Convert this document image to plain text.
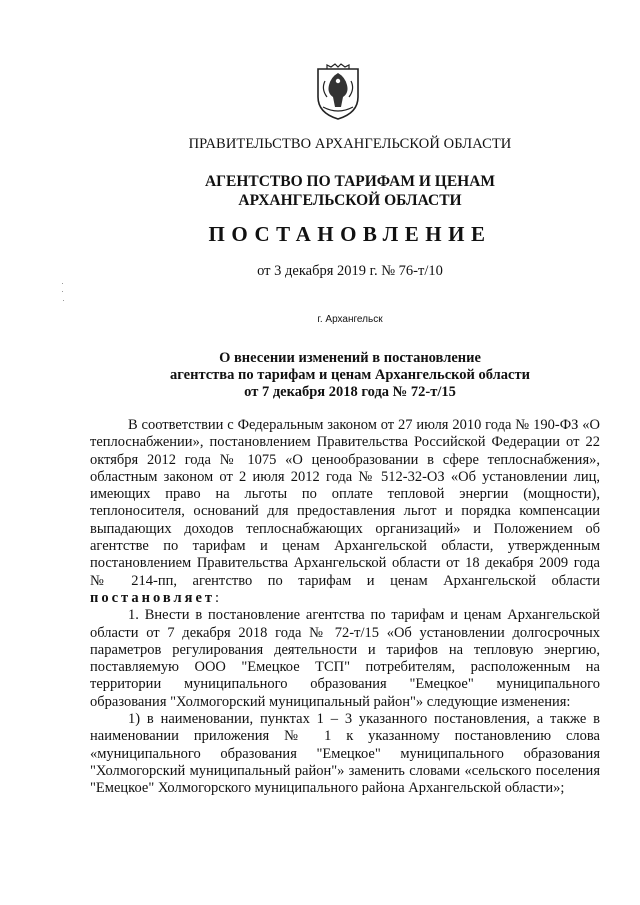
ПРАВИТЕЛЬСТВО АРХАНГЕЛЬСКОЙ ОБЛАСТИ
АГЕНТСТВО ПО ТАРИФАМ И ЦЕНАМ
АРХАНГЕЛЬСКОЙ ОБЛАСТИ
ПОСТАНОВЛЕНИЕ
от 3 декабря 2019 г. № 76-т/10
г. Архангельск
О внесении изменений в постановление
агентства по тарифам и ценам Архангельской области
от 7 декабря 2018 года № 72-т/15

В соответствии с Федеральным законом от 27 июля 2010 года № 190-ФЗ «О теплоснабжении», постановлением Правительства Российской Федерации от 22 октября 2012 года № 1075 «О ценообразовании в сфере теплоснабжения», областным законом от 2 июля 2012 года № 512-32-ОЗ «Об установлении лиц, имеющих право на льготы по оплате тепловой энергии (мощности), теплоносителя, оснований для предоставления льгот и порядка компенсации выпадающих доходов теплоснабжающих организаций» и Положением об агентстве по тарифам и ценам Архангельской области, утвержденным постановлением Правительства Архангельской области от 18 декабря 2009 года № 214-пп, агентство по тарифам и ценам Архангельской области постановляет:

1. Внести в постановление агентства по тарифам и ценам Архангельской области от 7 декабря 2018 года № 72-т/15 «Об установлении долгосрочных параметров регулирования деятельности и тарифов на тепловую энергию, поставляемую ООО "Емецкое ТСП" потребителям, расположенным на территории муниципального образования "Емецкое" муниципального образования "Холмогорский муниципальный район"» следующие изменения:

1) в наименовании, пунктах 1 – 3 указанного постановления, а также в наименовании приложения № 1 к указанному постановлению слова «муниципального образования "Емецкое" муниципального образования "Холмогорский муниципальный район"» заменить словами «сельского поселения "Емецкое" Холмогорского муниципального района Архангельской области»;
